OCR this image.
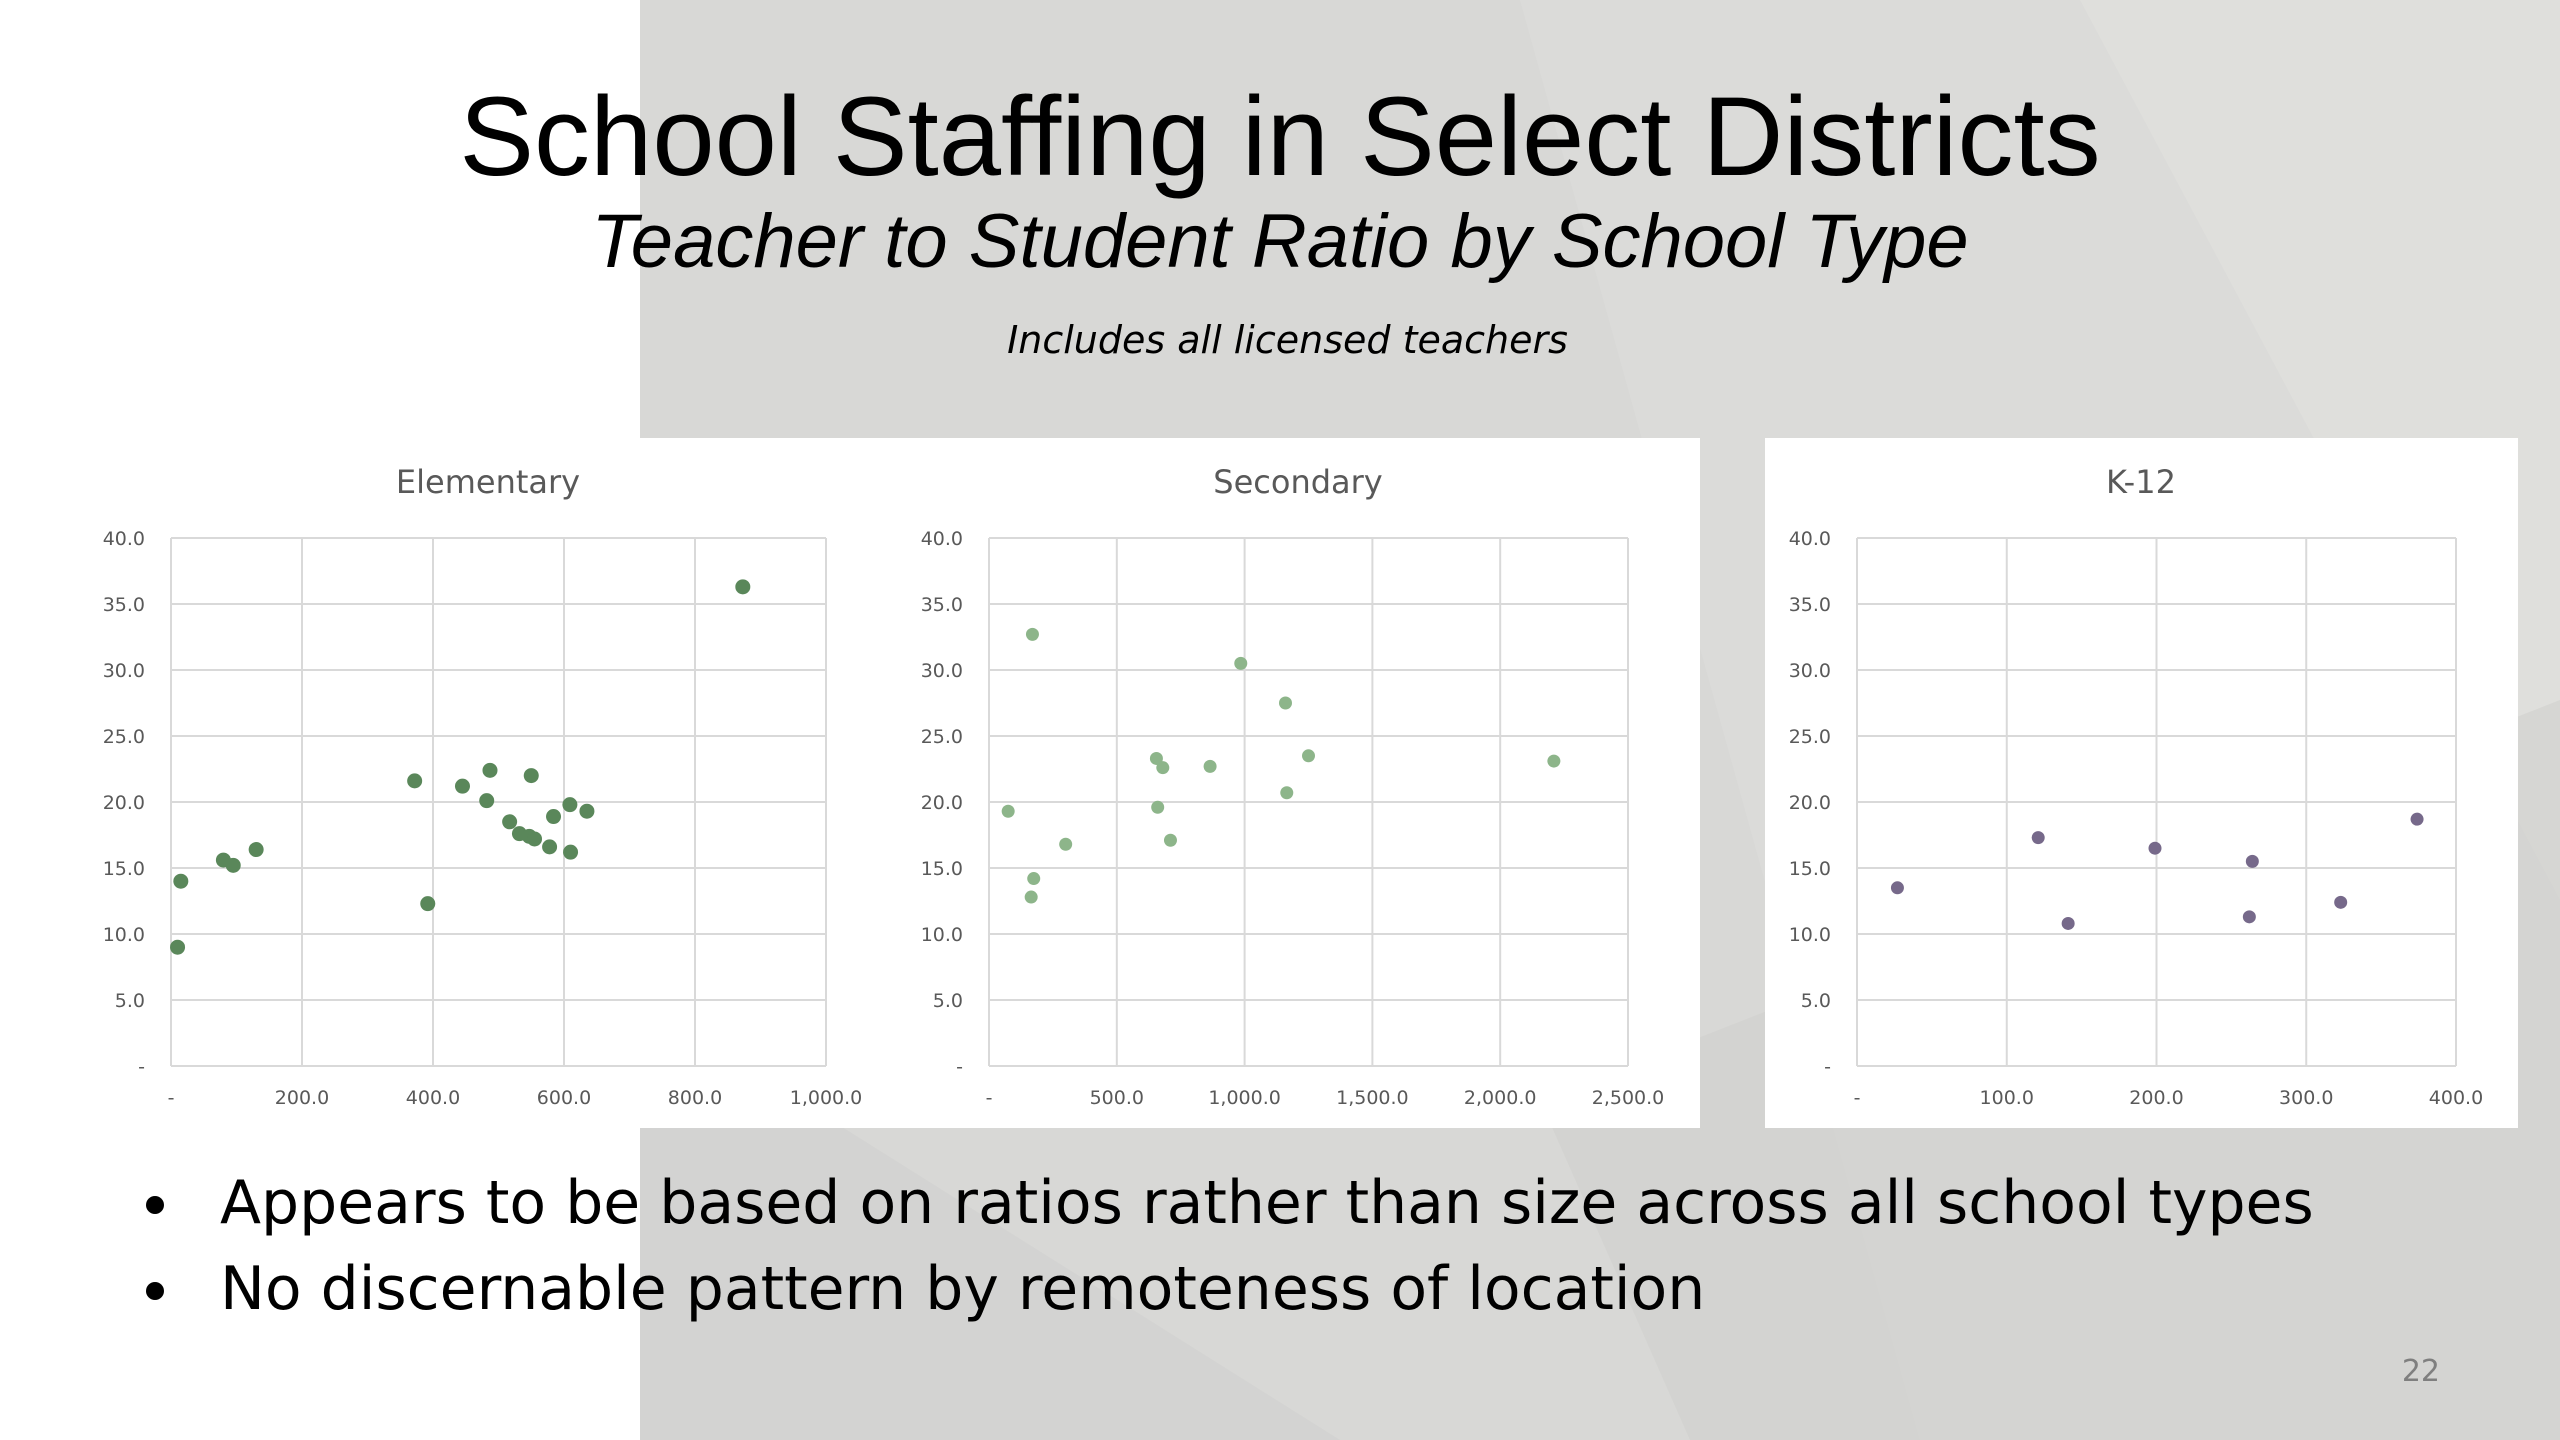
School Staffing in Select Districts
Teacher to Student Ratio by School Type
Includes all licensed teachers
Elementary
-
5.0
10.0
15.0
20.0
25.0
30.0
35.0
40.0
-	200.0	400.0	600.0	800.0	1,000.0
Secondary
-
5.0
10.0
15.0
20.0
25.0
30.0
35.0
40.0
-	500.0	1,000.0	1,500.0	2,000.0	2,500.0
K-12
-
5.0
10.0
15.0
20.0
25.0
30.0
35.0
40.0
-	100.0	200.0	300.0	400.0
Appears to be based on ratios rather than size across all school types
No discernable pattern by remoteness of location
22
